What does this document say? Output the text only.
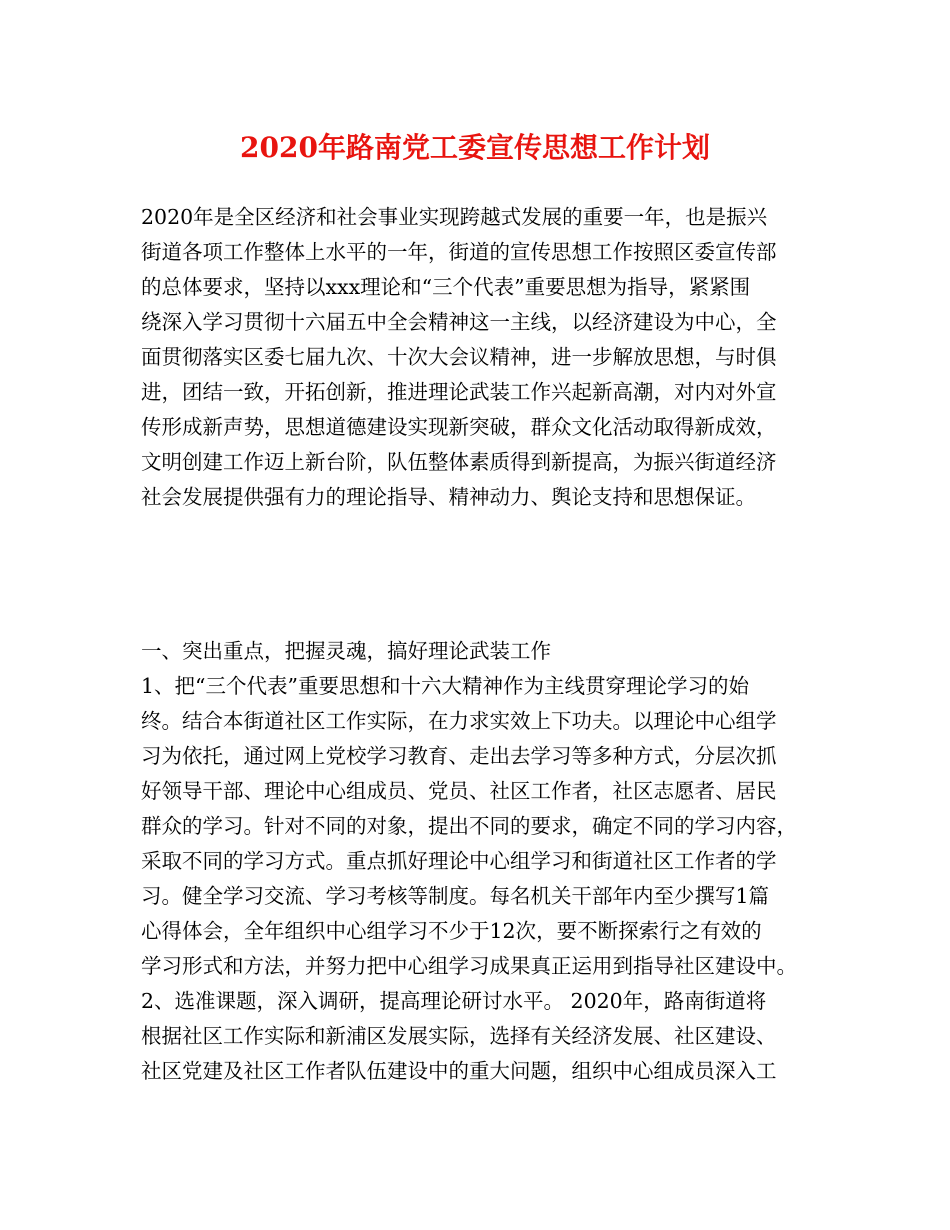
2020年路南党工委宣传思想工作计划
2020年是全区经济和社会事业实现跨越式发展的重要一年，也是振兴
街道各项工作整体上水平的一年，街道的宣传思想工作按照区委宣传部
的总体要求，坚持以xxx理论和“三个代表”重要思想为指导，紧紧围
绕深入学习贯彻十六届五中全会精神这一主线，以经济建设为中心，全
面贯彻落实区委七届九次、十次大会议精神，进一步解放思想，与时俱
进，团结一致，开拓创新，推进理论武装工作兴起新高潮，对内对外宣
传形成新声势，思想道德建设实现新突破，群众文化活动取得新成效，
文明创建工作迈上新台阶，队伍整体素质得到新提高，为振兴街道经济
社会发展提供强有力的理论指导、精神动力、舆论支持和思想保证。
一、突出重点，把握灵魂，搞好理论武装工作
1、把“三个代表”重要思想和十六大精神作为主线贯穿理论学习的始
终。结合本街道社区工作实际，在力求实效上下功夫。以理论中心组学
习为依托，通过网上党校学习教育、走出去学习等多种方式，分层次抓
好领导干部、理论中心组成员、党员、社区工作者，社区志愿者、居民
群众的学习。针对不同的对象，提出不同的要求，确定不同的学习内容，
采取不同的学习方式。重点抓好理论中心组学习和街道社区工作者的学
习。健全学习交流、学习考核等制度。每名机关干部年内至少撰写1篇
心得体会，全年组织中心组学习不少于12次，要不断探索行之有效的
学习形式和方法，并努力把中心组学习成果真正运用到指导社区建设中。
2、选准课题，深入调研，提高理论研讨水平。 2020年，路南街道将
根据社区工作实际和新浦区发展实际，选择有关经济发展、社区建设、
社区党建及社区工作者队伍建设中的重大问题，组织中心组成员深入工
